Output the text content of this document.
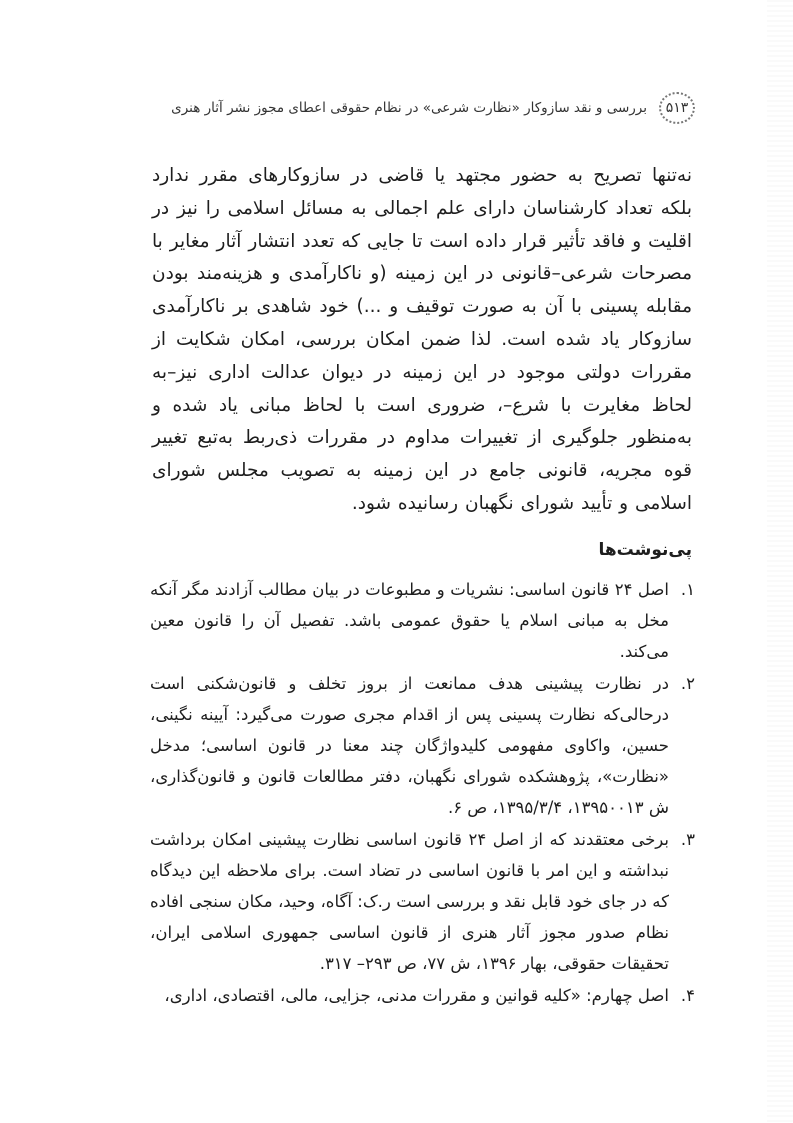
۵۱۳
بررسی و نقد سازوکار «نظارت شرعی» در نظام حقوقی اعطای مجوز نشر آثار هنری

نه‌تنها تصریح به حضور مجتهد یا قاضی در سازوکارهای مقرر ندارد بلکه تعداد کارشناسان دارای علم اجمالی به مسائل اسلامی را نیز در اقلیت و فاقد تأثیر قرار داده است تا جایی که تعدد انتشار آثار مغایر با مصرحات شرعی–قانونی در این زمینه (و ناکارآمدی و هزینه‌مند بودن مقابله پسینی با آن به صورت توقیف و ...) خود شاهدی بر ناکارآمدی سازوکار یاد شده است. لذا ضمن امکان بررسی، امکان شکایت از مقررات دولتی موجود در این زمینه در دیوان عدالت اداری نیز–به لحاظ مغایرت با شرع–، ضروری است با لحاظ مبانی یاد شده و به‌منظور جلوگیری از تغییرات مداوم در مقررات ذی‌ربط به‌تبع تغییر قوه مجریه، قانونی جامع در این زمینه به تصویب مجلس شورای اسلامی و تأیید شورای نگهبان رسانیده شود.

پی‌نوشت‌ها
۱.
اصل ۲۴ قانون اساسی: نشریات و مطبوعات در بیان مطالب آزادند مگر آنکه مخل به مبانی اسلام یا حقوق عمومی باشد. تفصیل آن را قانون معین می‌کند.
۲.
در نظارت پیشینی هدف ممانعت از بروز تخلف و قانون‌شکنی است درحالی‌که نظارت پسینی پس از اقدام مجری صورت می‌گیرد: آیینه نگینی، حسین، واکاوی مفهومی کلیدواژگان چند معنا در قانون اساسی؛ مدخل «نظارت»، پژوهشکده شورای نگهبان، دفتر مطالعات قانون و قانون‌گذاری، ش ۱۳۹۵۰۰۱۳، ۱۳۹۵/۳/۴، ص ۶.
۳.
برخی معتقدند که از اصل ۲۴ قانون اساسی نظارت پیشینی امکان برداشت نبداشته و این امر با قانون اساسی در تضاد است. برای ملاحظه این دیدگاه که در جای خود قابل نقد و بررسی است ر.ک: آگاه، وحید، مکان سنجی افاده نظام صدور مجوز آثار هنری از قانون اساسی جمهوری اسلامی ایران، تحقیقات حقوقی، بهار ۱۳۹۶، ش ۷۷، ص ۲۹۳– ۳۱۷.
۴.
اصل چهارم: «کلیه قوانین و مقررات مدنی، جزایی، مالی، اقتصادی، اداری،
